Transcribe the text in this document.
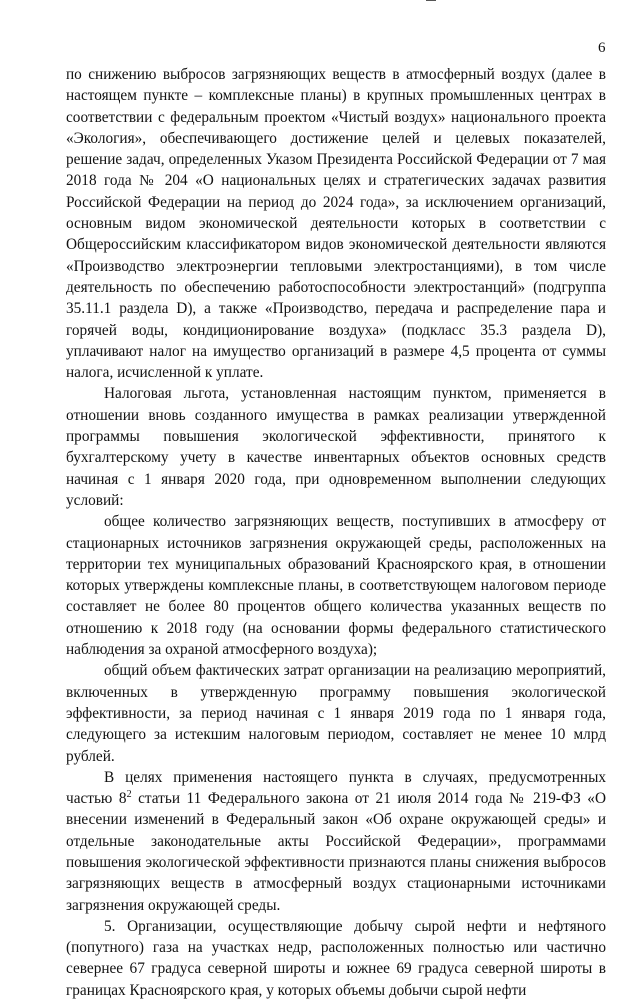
6

по снижению выбросов загрязняющих веществ в атмосферный воздух (далее в настоящем пункте – комплексные планы) в крупных промышленных центрах в соответствии с федеральным проектом «Чистый воздух» национального проекта «Экология», обеспечивающего достижение целей и целевых показателей, решение задач, определенных Указом Президента Российской Федерации от 7 мая 2018 года № 204 «О национальных целях и стратегических задачах развития Российской Федерации на период до 2024 года», за исключением организаций, основным видом экономической деятельности которых в соответствии с Общероссийским классификатором видов экономической деятельности являются «Производство электроэнергии тепловыми электростанциями), в том числе деятельность по обеспечению работоспособности электростанций» (подгруппа 35.11.1 раздела D), а также «Производство, передача и распределение пара и горячей воды, кондиционирование воздуха» (подкласс 35.3 раздела D), уплачивают налог на имущество организаций в размере 4,5 процента от суммы налога, исчисленной к уплате.

Налоговая льгота, установленная настоящим пунктом, применяется в отношении вновь созданного имущества в рамках реализации утвержденной программы повышения экологической эффективности, принятого к бухгалтерскому учету в качестве инвентарных объектов основных средств начиная с 1 января 2020 года, при одновременном выполнении следующих условий:

общее количество загрязняющих веществ, поступивших в атмосферу от стационарных источников загрязнения окружающей среды, расположенных на территории тех муниципальных образований Красноярского края, в отношении которых утверждены комплексные планы, в соответствующем налоговом периоде составляет не более 80 процентов общего количества указанных веществ по отношению к 2018 году (на основании формы федерального статистического наблюдения за охраной атмосферного воздуха);

общий объем фактических затрат организации на реализацию мероприятий, включенных в утвержденную программу повышения экологической эффективности, за период начиная с 1 января 2019 года по 1 января года, следующего за истекшим налоговым периодом, составляет не менее 10 млрд рублей.

В целях применения настоящего пункта в случаях, предусмотренных частью $8^2$ статьи 11 Федерального закона от 21 июля 2014 года № 219-ФЗ «О внесении изменений в Федеральный закон «Об охране окружающей среды» и отдельные законодательные акты Российской Федерации», программами повышения экологической эффективности признаются планы снижения выбросов загрязняющих веществ в атмосферный воздух стационарными источниками загрязнения окружающей среды.

5. Организации, осуществляющие добычу сырой нефти и нефтяного (попутного) газа на участках недр, расположенных полностью или частично севернее 67 градуса северной широты и южнее 69 градуса северной широты в границах Красноярского края, у которых объемы добычи сырой нефти
